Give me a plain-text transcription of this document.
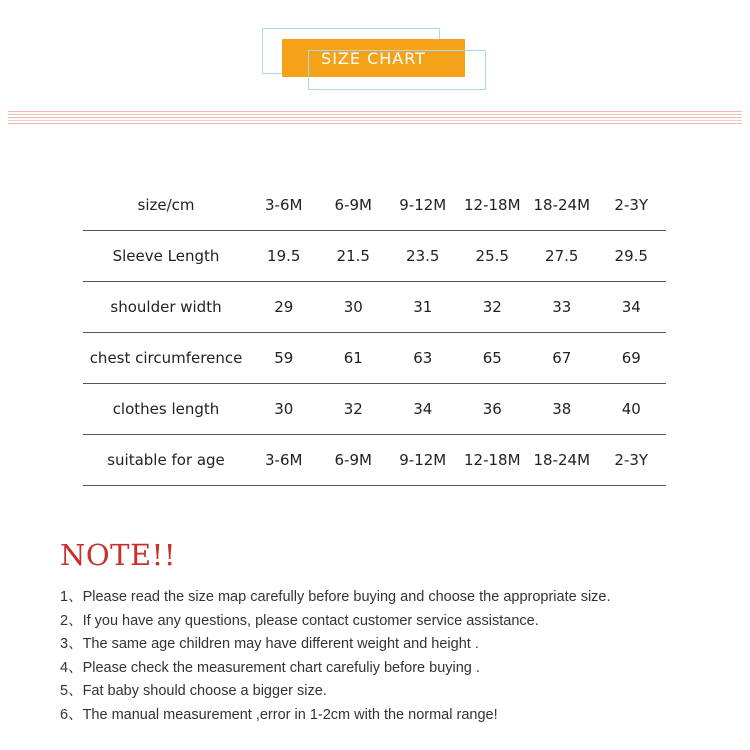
SIZE CHART
size/cm	3-6M	6-9M	9-12M	12-18M	18-24M	2-3Y
Sleeve Length	19.5	21.5	23.5	25.5	27.5	29.5
shoulder width	29	30	31	32	33	34
chest circumference	59	61	63	65	67	69
clothes length	30	32	34	36	38	40
suitable for age	3-6M	6-9M	9-12M	12-18M	18-24M	2-3Y
NOTE!!
1、Please read the size map carefully before buying and choose the appropriate size.
2、If you have any questions, please contact customer service assistance.
3、The same age children may have different weight and height .
4、Please check the measurement chart carefuliy before buying .
5、Fat baby should choose a bigger size.
6、The manual measurement ,error in 1-2cm with the normal range!
